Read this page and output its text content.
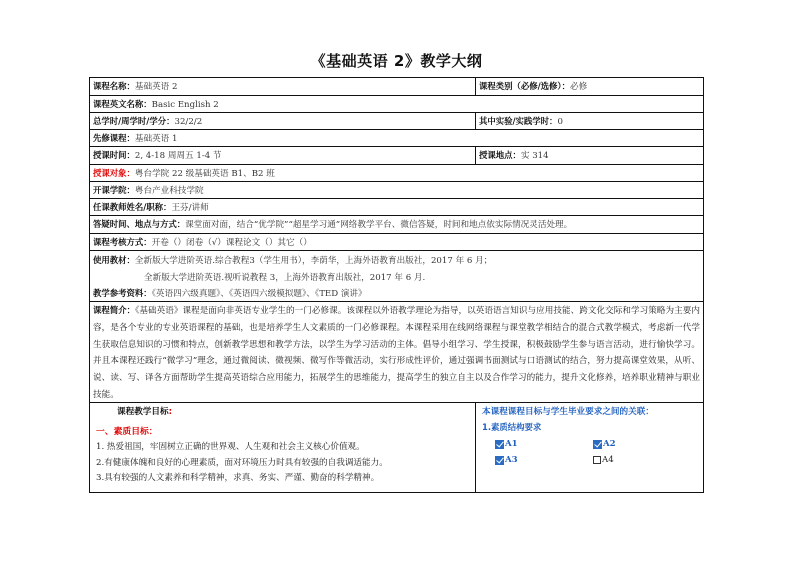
《基础英语 2》教学大纲
课程名称：基础英语 2	课程类别（必修/选修）：必修
课程英文名称：Basic English 2
总学时/周学时/学分：32/2/2	其中实验/实践学时：0
先修课程：基础英语 1
授课时间：2, 4-18 周周五 1-4 节	授课地点：实 314
授课对象：粤台学院 22 级基础英语 B1、B2 班
开课学院：粤台产业科技学院
任课教师姓名/职称：王芬/讲师
答疑时间、地点与方式：课堂面对面，结合“优学院”“超星学习通”网络教学平台、微信答疑，时间和地点依实际情况灵活处理。
课程考核方式：开卷（）闭卷（√）课程论文（）其它（）
使用教材：全新版大学进阶英语.综合教程3（学生用书），李荫华，上海外语教育出版社，2017 年 6 月；
全新版大学进阶英语.视听说教程 3，上海外语教育出版社，2017 年 6 月.
教学参考资料：《英语四六级真题》、《英语四六级模拟题》、《TED 演讲》
课程简介：《基础英语》课程是面向非英语专业学生的一门必修课。该课程以外语教学理论为指导，以英语语言知识与应用技能、跨文化交际和学习策略为主要内容，是各个专业的专业英语课程的基础，也是培养学生人文素质的一门必修课程。本课程采用在线网络课程与课堂教学相结合的混合式教学模式，考虑新一代学生获取信息知识的习惯和特点，创新教学思想和教学方法，以学生为学习活动的主体。倡导小组学习、学生授课，积极鼓励学生参与语言活动，进行愉快学习。并且本课程还践行“微学习”理念，通过微阅读、微视频、微写作等微活动，实行形成性评价，通过强调书面测试与口语测试的结合，努力提高课堂效果，从听、说、读、写、译各方面帮助学生提高英语综合应用能力，拓展学生的思维能力，提高学生的独立自主以及合作学习的能力，提升文化修养，培养职业精神与职业技能。
课程教学目标:
一、素质目标：
1. 热爱祖国，牢固树立正确的世界观、人生观和社会主义核心价值观。
2.有健康体魄和良好的心理素质，面对环境压力时具有较强的自我调适能力。
3.具有较强的人文素养和科学精神，求真、务实、严谨、勤奋的科学精神。
本课程课程目标与学生毕业要求之间的关联：
1.素质结构要求
A1	A2
A3	A4
